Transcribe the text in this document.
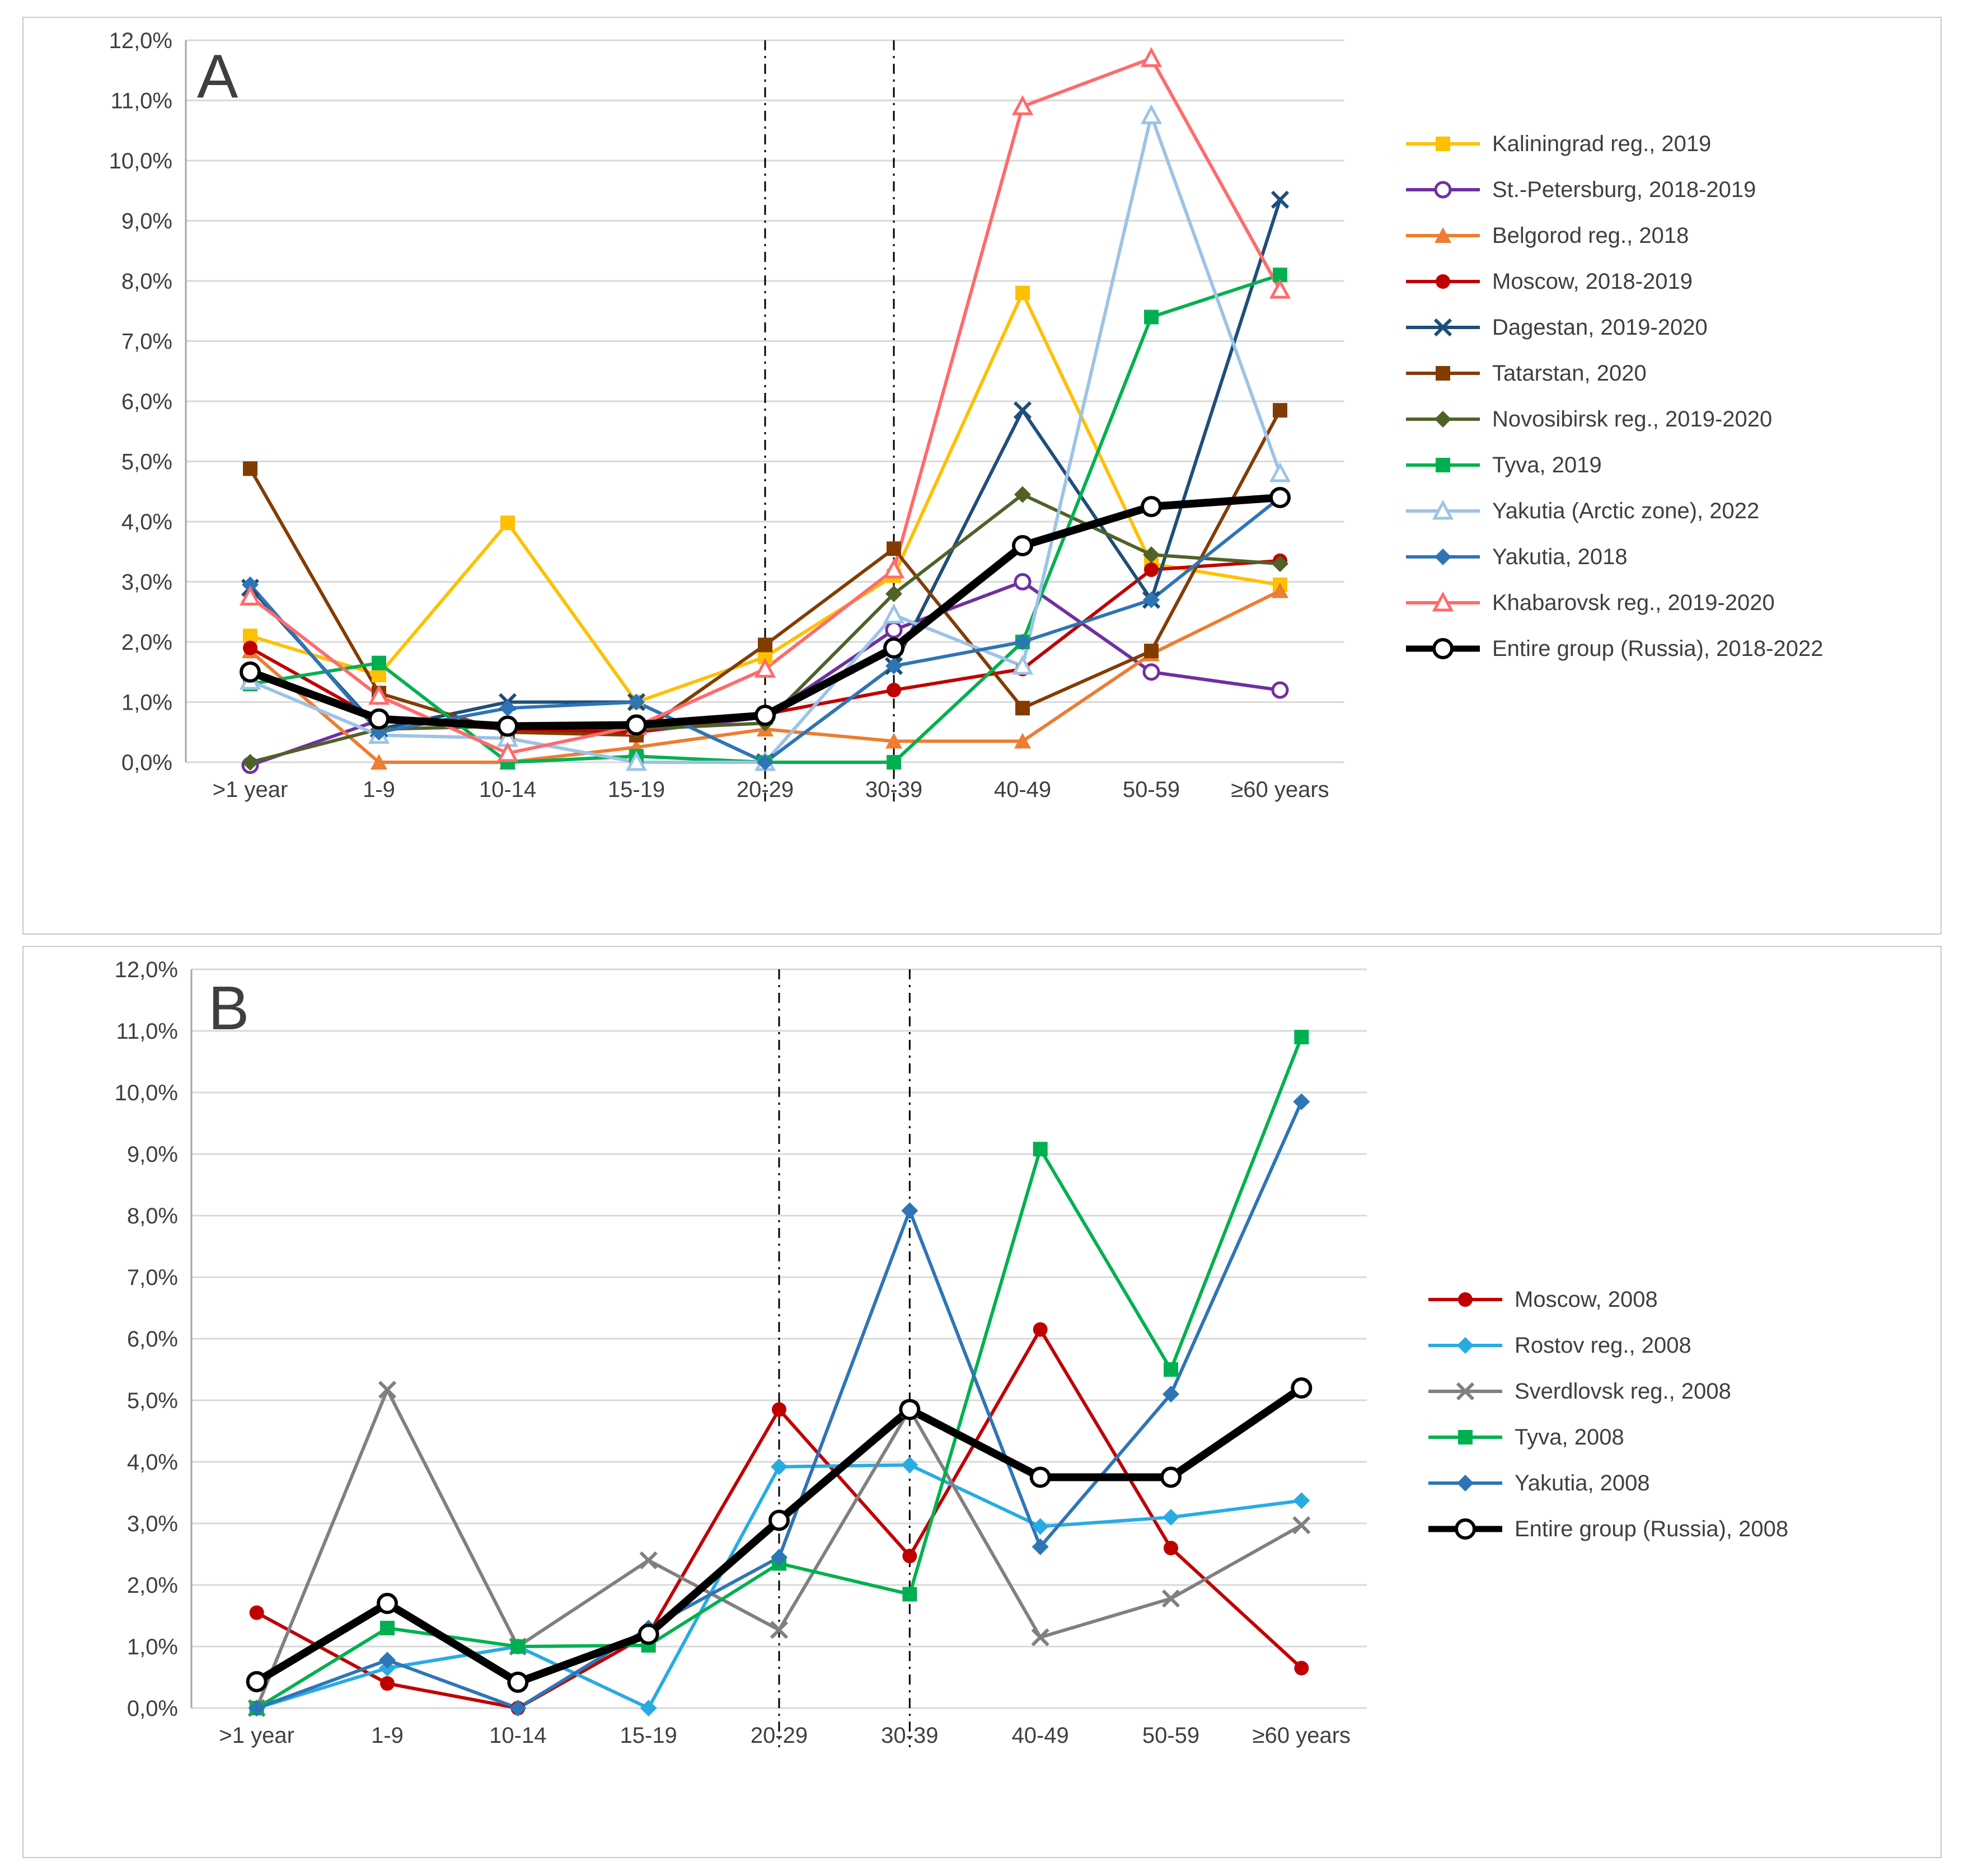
A
0,0%
1,0%
2,0%
3,0%
4,0%
5,0%
6,0%
7,0%
8,0%
9,0%
10,0%
11,0%
12,0%
>1 year	1-9	10-14	15-19	20-29	30-39	40-49	50-59 ≥60 years
Kaliningrad reg., 2019
St.-Petersburg, 2018-2019
Belgorod reg., 2018
Moscow, 2018-2019
Dagestan, 2019-2020
Tatarstan, 2020
Novosibirsk reg., 2019-2020
Tyva, 2019
Yakutia (Arctic zone), 2022
Yakutia, 2018
Khabarovsk reg., 2019-2020
Entire group (Russia), 2018-2022
B
0,0%
1,0%
2,0%
3,0%
4,0%
5,0%
6,0%
7,0%
8,0%
9,0%
10,0%
11,0%
12,0%
>1 year	1-9	10-14	15-19	20-29	30-39	40-49	50-59 ≥60 years
Moscow, 2008
Rostov reg., 2008
Sverdlovsk reg., 2008
Tyva, 2008
Yakutia, 2008
Entire group (Russia), 2008
